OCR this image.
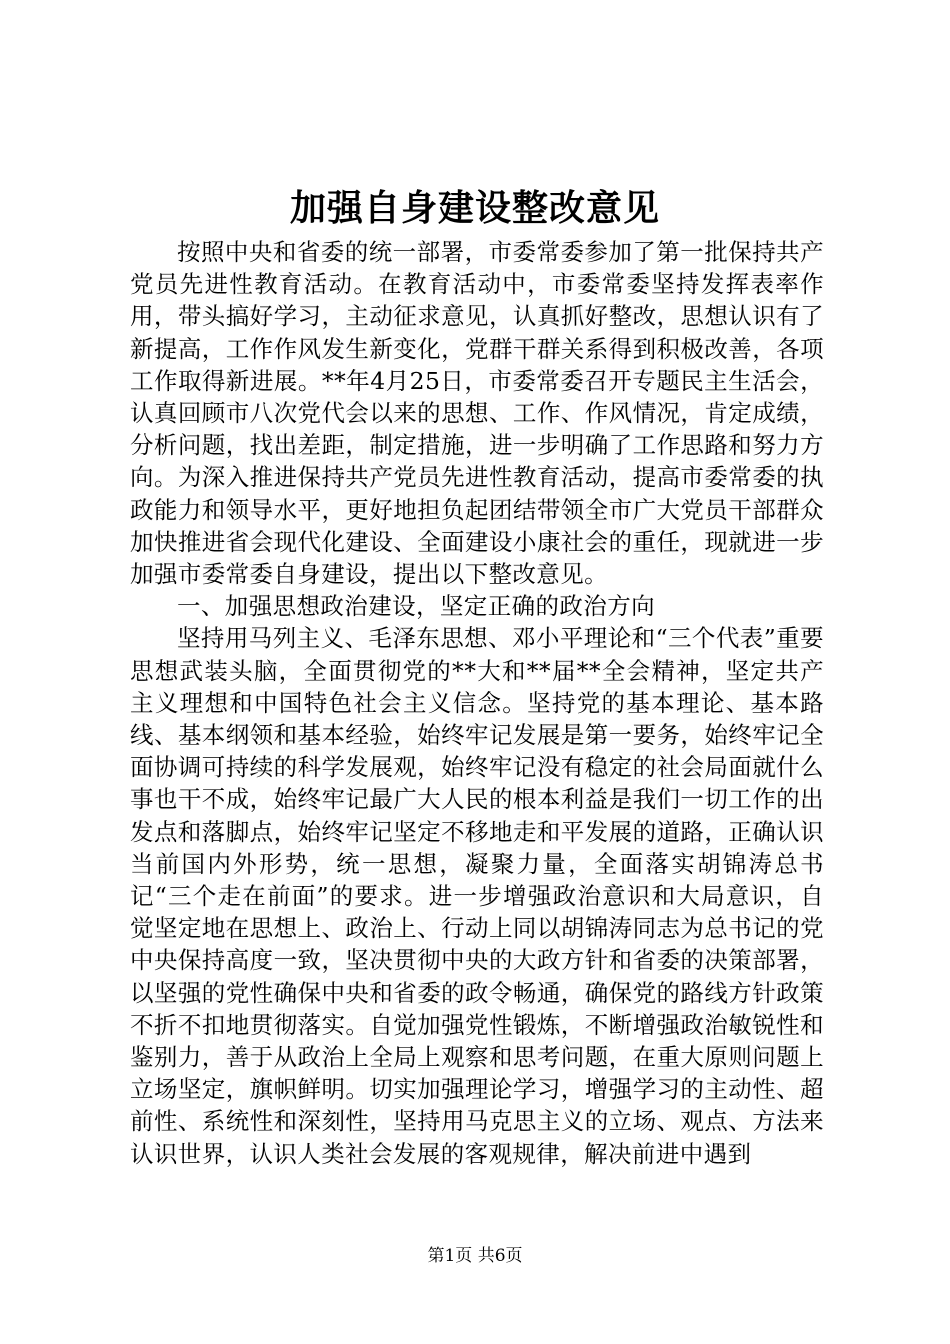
加强自身建设整改意见

按照中央和省委的统一部署，市委常委参加了第一批保持共产党员先进性教育活动。在教育活动中，市委常委坚持发挥表率作用，带头搞好学习，主动征求意见，认真抓好整改，思想认识有了新提高，工作作风发生新变化，党群干群关系得到积极改善，各项工作取得新进展。**年4月25日，市委常委召开专题民主生活会，认真回顾市八次党代会以来的思想、工作、作风情况，肯定成绩，分析问题，找出差距，制定措施，进一步明确了工作思路和努力方向。为深入推进保持共产党员先进性教育活动，提高市委常委的执政能力和领导水平，更好地担负起团结带领全市广大党员干部群众加快推进省会现代化建设、全面建设小康社会的重任，现就进一步加强市委常委自身建设，提出以下整改意见。

一、加强思想政治建设，坚定正确的政治方向

坚持用马列主义、毛泽东思想、邓小平理论和“三个代表”重要思想武装头脑，全面贯彻党的**大和**届**全会精神，坚定共产主义理想和中国特色社会主义信念。坚持党的基本理论、基本路线、基本纲领和基本经验，始终牢记发展是第一要务，始终牢记全面协调可持续的科学发展观，始终牢记没有稳定的社会局面就什么事也干不成，始终牢记最广大人民的根本利益是我们一切工作的出发点和落脚点，始终牢记坚定不移地走和平发展的道路，正确认识当前国内外形势，统一思想，凝聚力量，全面落实胡锦涛总书记“三个走在前面”的要求。进一步增强政治意识和大局意识，自觉坚定地在思想上、政治上、行动上同以胡锦涛同志为总书记的党中央保持高度一致，坚决贯彻中央的大政方针和省委的决策部署，以坚强的党性确保中央和省委的政令畅通，确保党的路线方针政策不折不扣地贯彻落实。自觉加强党性锻炼，不断增强政治敏锐性和鉴别力，善于从政治上全局上观察和思考问题，在重大原则问题上立场坚定，旗帜鲜明。切实加强理论学习，增强学习的主动性、超前性、系统性和深刻性，坚持用马克思主义的立场、观点、方法来认识世界，认识人类社会发展的客观规律，解决前进中遇到

第1页 共6页
